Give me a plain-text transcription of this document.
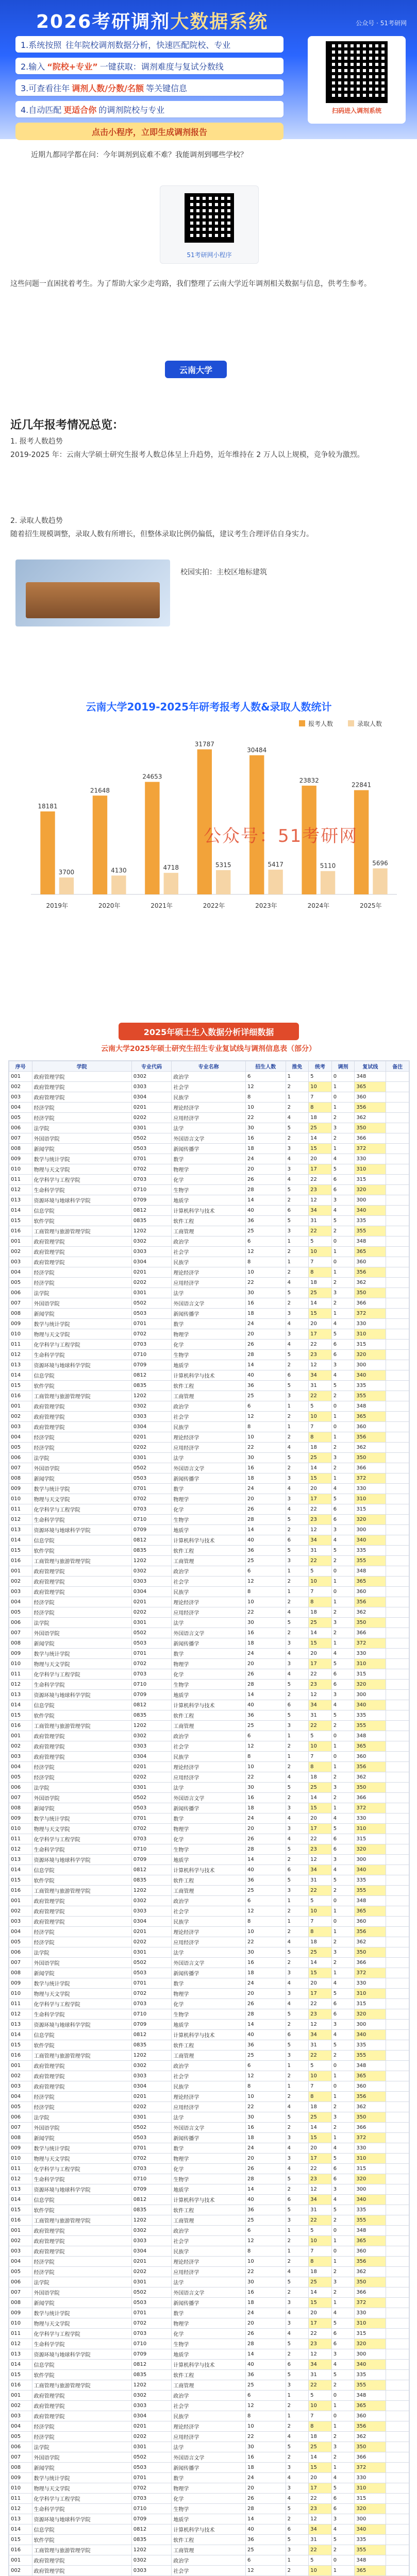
2026考研调剂大数据系统	公众号 · 51考研网
1.系统按照 往年院校调剂数据分析，快速匹配院校、专业
2.输入 “院校+专业” 一键获取：调剂难度与复试分数线
3.可查看往年 调剂人数/分数/名额 等关键信息
4.自动匹配 更适合你 的调剂院校与专业
点击小程序，立即生成调剂报告
扫码进入调剂系统
近期九都同学都在问：今年调剂到底难不难？我能调剂到哪些学校？
51考研网小程序
这些问题一直困扰着考生。为了帮助大家少走弯路，我们整理了云南大学近年调剂相关数据与信息，供考生参考。
云南大学
近几年报考情况总览：
1. 报考人数趋势
2019-2025 年：云南大学硕士研究生报考人数总体呈上升趋势，近年维持在 2 万人以上规模，竞争较为激烈。
2. 录取人数趋势
随着招生规模调整，录取人数有所增长，但整体录取比例仍偏低，建议考生合理评估自身实力。
校园实拍：主校区地标建筑
云南大学2019-2025年研考报考人数&录取人数统计
18181
3700
2019年
21648
4130
2020年
24653
4718
2021年
31787
5315
2022年
30484
5417
2023年
23832
5110
2024年
22841
5696
2025年
报考人数	录取人数
公众号：51考研网
2025年硕士生入数据分析详细数据
云南大学2025年硕士研究生招生专业复试线与调剂信息表（部分）
序号	学院	专业代码	专业名称	招生人数	推免	统考	调剂	复试线	备注
001	政府管理学院	0302	政治学	6	1	5	0	348	
002	政府管理学院	0303	社会学	12	2	10	1	365	
003	政府管理学院	0304	民族学	8	1	7	0	360	
004	经济学院	0201	理论经济学	10	2	8	1	356	
005	经济学院	0202	应用经济学	22	4	18	2	362	
006	法学院	0301	法学	30	5	25	3	350	
007	外国语学院	0502	外国语言文学	16	2	14	2	366	
008	新闻学院	0503	新闻传播学	18	3	15	1	372	
009	数学与统计学院	0701	数学	24	4	20	4	330	
010	物理与天文学院	0702	物理学	20	3	17	5	310	
011	化学科学与工程学院	0703	化学	26	4	22	6	315	
012	生命科学学院	0710	生物学	28	5	23	6	320	
013	资源环境与地球科学学院	0709	地质学	14	2	12	3	300	
014	信息学院	0812	计算机科学与技术	40	6	34	4	340	
015	软件学院	0835	软件工程	36	5	31	5	335	
016	工商管理与旅游管理学院	1202	工商管理	25	3	22	2	355	
001	政府管理学院	0302	政治学	6	1	5	0	348	
002	政府管理学院	0303	社会学	12	2	10	1	365	
003	政府管理学院	0304	民族学	8	1	7	0	360	
004	经济学院	0201	理论经济学	10	2	8	1	356	
005	经济学院	0202	应用经济学	22	4	18	2	362	
006	法学院	0301	法学	30	5	25	3	350	
007	外国语学院	0502	外国语言文学	16	2	14	2	366	
008	新闻学院	0503	新闻传播学	18	3	15	1	372	
009	数学与统计学院	0701	数学	24	4	20	4	330	
010	物理与天文学院	0702	物理学	20	3	17	5	310	
011	化学科学与工程学院	0703	化学	26	4	22	6	315	
012	生命科学学院	0710	生物学	28	5	23	6	320	
013	资源环境与地球科学学院	0709	地质学	14	2	12	3	300	
014	信息学院	0812	计算机科学与技术	40	6	34	4	340	
015	软件学院	0835	软件工程	36	5	31	5	335	
016	工商管理与旅游管理学院	1202	工商管理	25	3	22	2	355	
001	政府管理学院	0302	政治学	6	1	5	0	348	
002	政府管理学院	0303	社会学	12	2	10	1	365	
003	政府管理学院	0304	民族学	8	1	7	0	360	
004	经济学院	0201	理论经济学	10	2	8	1	356	
005	经济学院	0202	应用经济学	22	4	18	2	362	
006	法学院	0301	法学	30	5	25	3	350	
007	外国语学院	0502	外国语言文学	16	2	14	2	366	
008	新闻学院	0503	新闻传播学	18	3	15	1	372	
009	数学与统计学院	0701	数学	24	4	20	4	330	
010	物理与天文学院	0702	物理学	20	3	17	5	310	
011	化学科学与工程学院	0703	化学	26	4	22	6	315	
012	生命科学学院	0710	生物学	28	5	23	6	320	
013	资源环境与地球科学学院	0709	地质学	14	2	12	3	300	
014	信息学院	0812	计算机科学与技术	40	6	34	4	340	
015	软件学院	0835	软件工程	36	5	31	5	335	
016	工商管理与旅游管理学院	1202	工商管理	25	3	22	2	355	
001	政府管理学院	0302	政治学	6	1	5	0	348	
002	政府管理学院	0303	社会学	12	2	10	1	365	
003	政府管理学院	0304	民族学	8	1	7	0	360	
004	经济学院	0201	理论经济学	10	2	8	1	356	
005	经济学院	0202	应用经济学	22	4	18	2	362	
006	法学院	0301	法学	30	5	25	3	350	
007	外国语学院	0502	外国语言文学	16	2	14	2	366	
008	新闻学院	0503	新闻传播学	18	3	15	1	372	
009	数学与统计学院	0701	数学	24	4	20	4	330	
010	物理与天文学院	0702	物理学	20	3	17	5	310	
011	化学科学与工程学院	0703	化学	26	4	22	6	315	
012	生命科学学院	0710	生物学	28	5	23	6	320	
013	资源环境与地球科学学院	0709	地质学	14	2	12	3	300	
014	信息学院	0812	计算机科学与技术	40	6	34	4	340	
015	软件学院	0835	软件工程	36	5	31	5	335	
016	工商管理与旅游管理学院	1202	工商管理	25	3	22	2	355	
001	政府管理学院	0302	政治学	6	1	5	0	348	
002	政府管理学院	0303	社会学	12	2	10	1	365	
003	政府管理学院	0304	民族学	8	1	7	0	360	
004	经济学院	0201	理论经济学	10	2	8	1	356	
005	经济学院	0202	应用经济学	22	4	18	2	362	
006	法学院	0301	法学	30	5	25	3	350	
007	外国语学院	0502	外国语言文学	16	2	14	2	366	
008	新闻学院	0503	新闻传播学	18	3	15	1	372	
009	数学与统计学院	0701	数学	24	4	20	4	330	
010	物理与天文学院	0702	物理学	20	3	17	5	310	
011	化学科学与工程学院	0703	化学	26	4	22	6	315	
012	生命科学学院	0710	生物学	28	5	23	6	320	
013	资源环境与地球科学学院	0709	地质学	14	2	12	3	300	
014	信息学院	0812	计算机科学与技术	40	6	34	4	340	
015	软件学院	0835	软件工程	36	5	31	5	335	
016	工商管理与旅游管理学院	1202	工商管理	25	3	22	2	355	
001	政府管理学院	0302	政治学	6	1	5	0	348	
002	政府管理学院	0303	社会学	12	2	10	1	365	
003	政府管理学院	0304	民族学	8	1	7	0	360	
004	经济学院	0201	理论经济学	10	2	8	1	356	
005	经济学院	0202	应用经济学	22	4	18	2	362	
006	法学院	0301	法学	30	5	25	3	350	
007	外国语学院	0502	外国语言文学	16	2	14	2	366	
008	新闻学院	0503	新闻传播学	18	3	15	1	372	
009	数学与统计学院	0701	数学	24	4	20	4	330	
010	物理与天文学院	0702	物理学	20	3	17	5	310	
011	化学科学与工程学院	0703	化学	26	4	22	6	315	
012	生命科学学院	0710	生物学	28	5	23	6	320	
013	资源环境与地球科学学院	0709	地质学	14	2	12	3	300	
014	信息学院	0812	计算机科学与技术	40	6	34	4	340	
015	软件学院	0835	软件工程	36	5	31	5	335	
016	工商管理与旅游管理学院	1202	工商管理	25	3	22	2	355	
001	政府管理学院	0302	政治学	6	1	5	0	348	
002	政府管理学院	0303	社会学	12	2	10	1	365	
003	政府管理学院	0304	民族学	8	1	7	0	360	
004	经济学院	0201	理论经济学	10	2	8	1	356	
005	经济学院	0202	应用经济学	22	4	18	2	362	
006	法学院	0301	法学	30	5	25	3	350	
007	外国语学院	0502	外国语言文学	16	2	14	2	366	
008	新闻学院	0503	新闻传播学	18	3	15	1	372	
009	数学与统计学院	0701	数学	24	4	20	4	330	
010	物理与天文学院	0702	物理学	20	3	17	5	310	
011	化学科学与工程学院	0703	化学	26	4	22	6	315	
012	生命科学学院	0710	生物学	28	5	23	6	320	
013	资源环境与地球科学学院	0709	地质学	14	2	12	3	300	
014	信息学院	0812	计算机科学与技术	40	6	34	4	340	
015	软件学院	0835	软件工程	36	5	31	5	335	
016	工商管理与旅游管理学院	1202	工商管理	25	3	22	2	355	
001	政府管理学院	0302	政治学	6	1	5	0	348	
002	政府管理学院	0303	社会学	12	2	10	1	365	
003	政府管理学院	0304	民族学	8	1	7	0	360	
004	经济学院	0201	理论经济学	10	2	8	1	356	
005	经济学院	0202	应用经济学	22	4	18	2	362	
006	法学院	0301	法学	30	5	25	3	350	
007	外国语学院	0502	外国语言文学	16	2	14	2	366	
008	新闻学院	0503	新闻传播学	18	3	15	1	372	
009	数学与统计学院	0701	数学	24	4	20	4	330	
010	物理与天文学院	0702	物理学	20	3	17	5	310	
011	化学科学与工程学院	0703	化学	26	4	22	6	315	
012	生命科学学院	0710	生物学	28	5	23	6	320	
013	资源环境与地球科学学院	0709	地质学	14	2	12	3	300	
014	信息学院	0812	计算机科学与技术	40	6	34	4	340	
015	软件学院	0835	软件工程	36	5	31	5	335	
016	工商管理与旅游管理学院	1202	工商管理	25	3	22	2	355	
001	政府管理学院	0302	政治学	6	1	5	0	348	
002	政府管理学院	0303	社会学	12	2	10	1	365	
003	政府管理学院	0304	民族学	8	1	7	0	360	
004	经济学院	0201	理论经济学	10	2	8	1	356	
005	经济学院	0202	应用经济学	22	4	18	2	362	
006	法学院	0301	法学	30	5	25	3	350	
007	外国语学院	0502	外国语言文学	16	2	14	2	366	
008	新闻学院	0503	新闻传播学	18	3	15	1	372	
009	数学与统计学院	0701	数学	24	4	20	4	330	
010	物理与天文学院	0702	物理学	20	3	17	5	310	
011	化学科学与工程学院	0703	化学	26	4	22	6	315	
012	生命科学学院	0710	生物学	28	5	23	6	320	
013	资源环境与地球科学学院	0709	地质学	14	2	12	3	300	
014	信息学院	0812	计算机科学与技术	40	6	34	4	340	
015	软件学院	0835	软件工程	36	5	31	5	335	
016	工商管理与旅游管理学院	1202	工商管理	25	3	22	2	355	
001	政府管理学院	0302	政治学	6	1	5	0	348	
002	政府管理学院	0303	社会学	12	2	10	1	365	
